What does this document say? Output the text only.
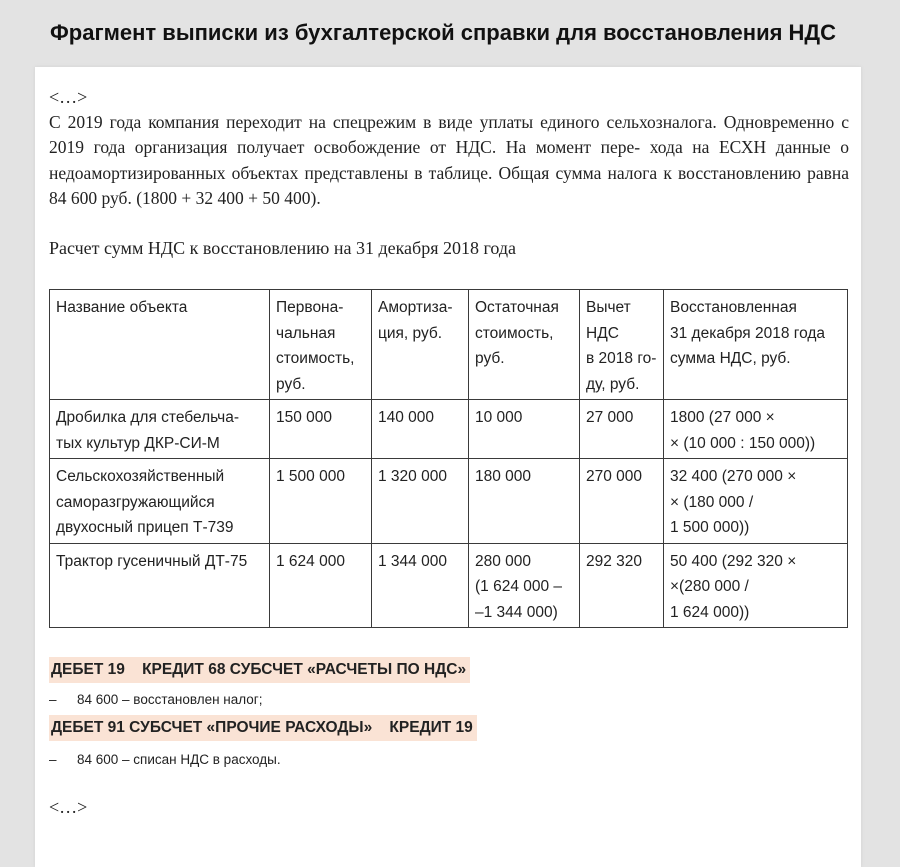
Фрагмент выписки из бухгалтерской справки для восстановления НДС
<…>

С 2019 года компания переходит на спецрежим в виде уплаты единого сельхозналога. Одновременно с 2019 года организация получает освобождение от НДС. На момент пере- хода на ЕСХН данные о недоамортизированных объектах представлены в таблице. Общая сумма налога к восстановлению равна 84 600 руб. (1800 + 32 400 + 50 400).

Расчет сумм НДС к восстановлению на 31 декабря 2018 года
Название объекта	Первона-
чальная
стоимость,
руб.	Амортиза-
ция, руб.	Остаточная
стоимость,
руб.	Вычет
НДС
в 2018 го-
ду, руб.	Восстановленная
31 декабря 2018 года
сумма НДС, руб.
Дробилка для стебельча-
тых культур ДКР-СИ-М	150 000	140 000	10 000	27 000	1800 (27 000 ×
× (10 000 : 150 000))
Сельскохозяйственный
саморазгружающийся
двухосный прицеп Т-739	1 500 000	1 320 000	180 000	270 000	32 400 (270 000 ×
× (180 000 /
1 500 000))
Трактор гусеничный ДТ-75	1 624 000	1 344 000	280 000
(1 624 000 –
–1 344 000)	292 320	50 400 (292 320 ×
×(280 000 /
1 624 000))
ДЕБЕТ 19    КРЕДИТ 68 СУБСЧЕТ «РАСЧЕТЫ ПО НДС»
– 84 600 – восстановлен налог;
ДЕБЕТ 91 СУБСЧЕТ «ПРОЧИЕ РАСХОДЫ»    КРЕДИТ 19
– 84 600 – списан НДС в расходы.
<…>
